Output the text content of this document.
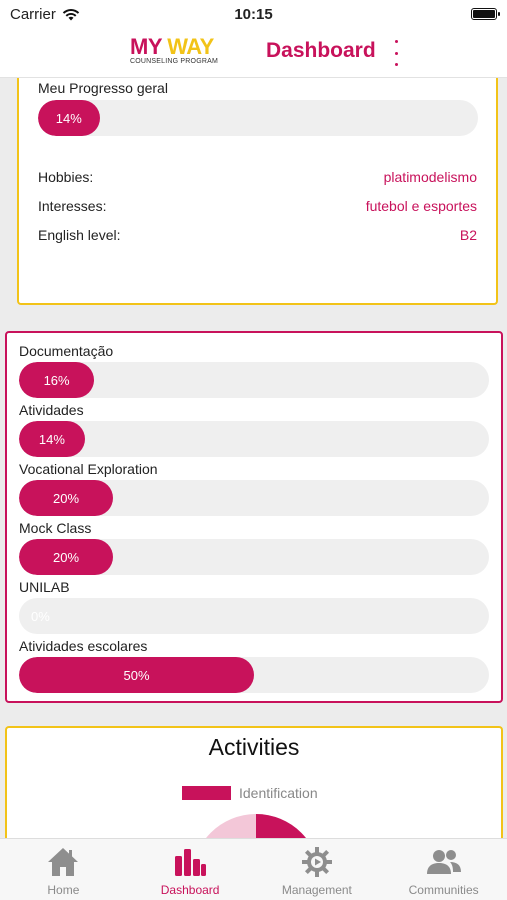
Carrier	10:15
MY WAY
COUNSELING PROGRAM	Dashboard
Meu Progresso geral
14%
Hobbies:	platimodelismo
Interesses:	futebol e esportes
English level:	B2
Documentação
16%
Atividades
14%
Vocational Exploration
20%
Mock Class
20%
UNILAB
0%
Atividades escolares
50%
Activities
Identification
Home	Dashboard	Management	Communities
